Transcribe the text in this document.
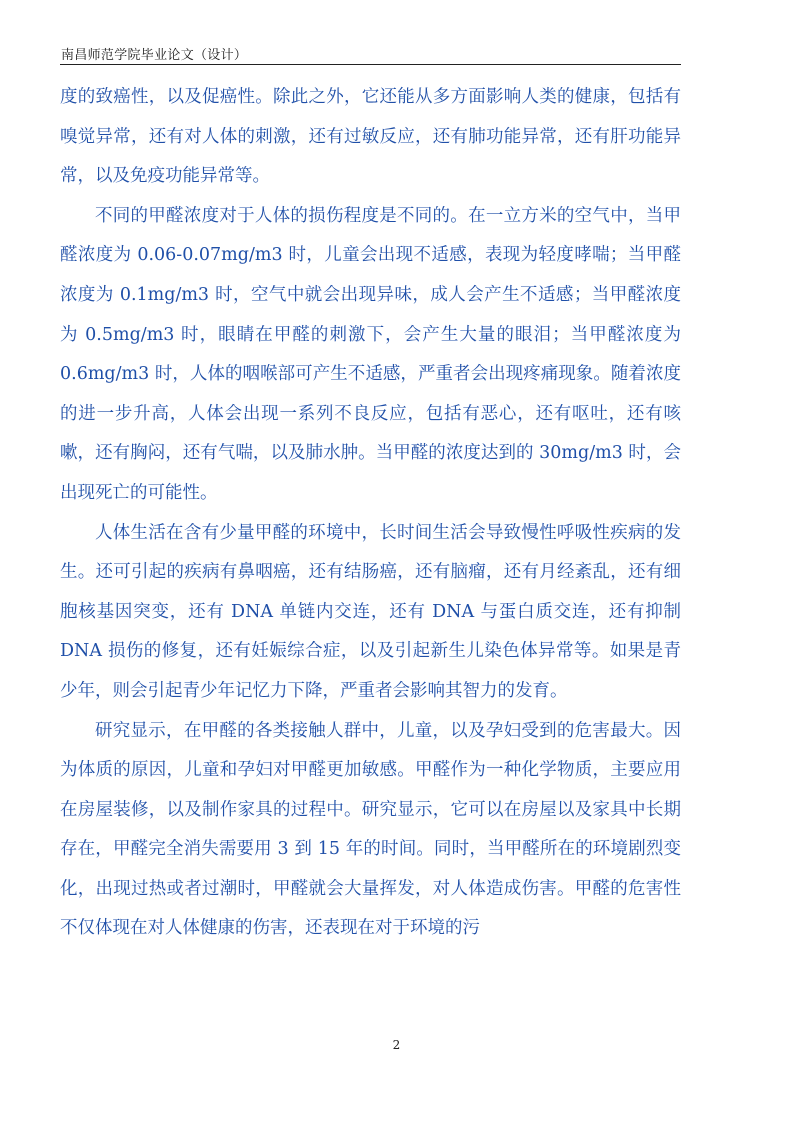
南昌师范学院毕业论文（设计）

度的致癌性，以及促癌性。除此之外，它还能从多方面影响人类的健康，包括有嗅觉异常，还有对人体的刺激，还有过敏反应，还有肺功能异常，还有肝功能异常，以及免疫功能异常等。

不同的甲醛浓度对于人体的损伤程度是不同的。在一立方米的空气中，当甲醛浓度为 0.06-0.07mg/m3 时，儿童会出现不适感，表现为轻度哮喘；当甲醛浓度为 0.1mg/m3 时，空气中就会出现异味，成人会产生不适感；当甲醛浓度为 0.5mg/m3 时，眼睛在甲醛的刺激下，会产生大量的眼泪；当甲醛浓度为 0.6mg/m3 时，人体的咽喉部可产生不适感，严重者会出现疼痛现象。随着浓度的进一步升高，人体会出现一系列不良反应，包括有恶心，还有呕吐，还有咳嗽，还有胸闷，还有气喘，以及肺水肿。当甲醛的浓度达到的 30mg/m3 时，会出现死亡的可能性。

人体生活在含有少量甲醛的环境中，长时间生活会导致慢性呼吸性疾病的发生。还可引起的疾病有鼻咽癌，还有结肠癌，还有脑瘤，还有月经紊乱，还有细胞核基因突变，还有 DNA 单链内交连，还有 DNA 与蛋白质交连，还有抑制 DNA 损伤的修复，还有妊娠综合症，以及引起新生儿染色体异常等。如果是青少年，则会引起青少年记忆力下降，严重者会影响其智力的发育。

研究显示，在甲醛的各类接触人群中，儿童，以及孕妇受到的危害最大。因为体质的原因，儿童和孕妇对甲醛更加敏感。甲醛作为一种化学物质，主要应用在房屋装修，以及制作家具的过程中。研究显示，它可以在房屋以及家具中长期存在，甲醛完全消失需要用 3 到 15 年的时间。同时，当甲醛所在的环境剧烈变化，出现过热或者过潮时，甲醛就会大量挥发，对人体造成伤害。甲醛的危害性不仅体现在对人体健康的伤害，还表现在对于环境的污

2
